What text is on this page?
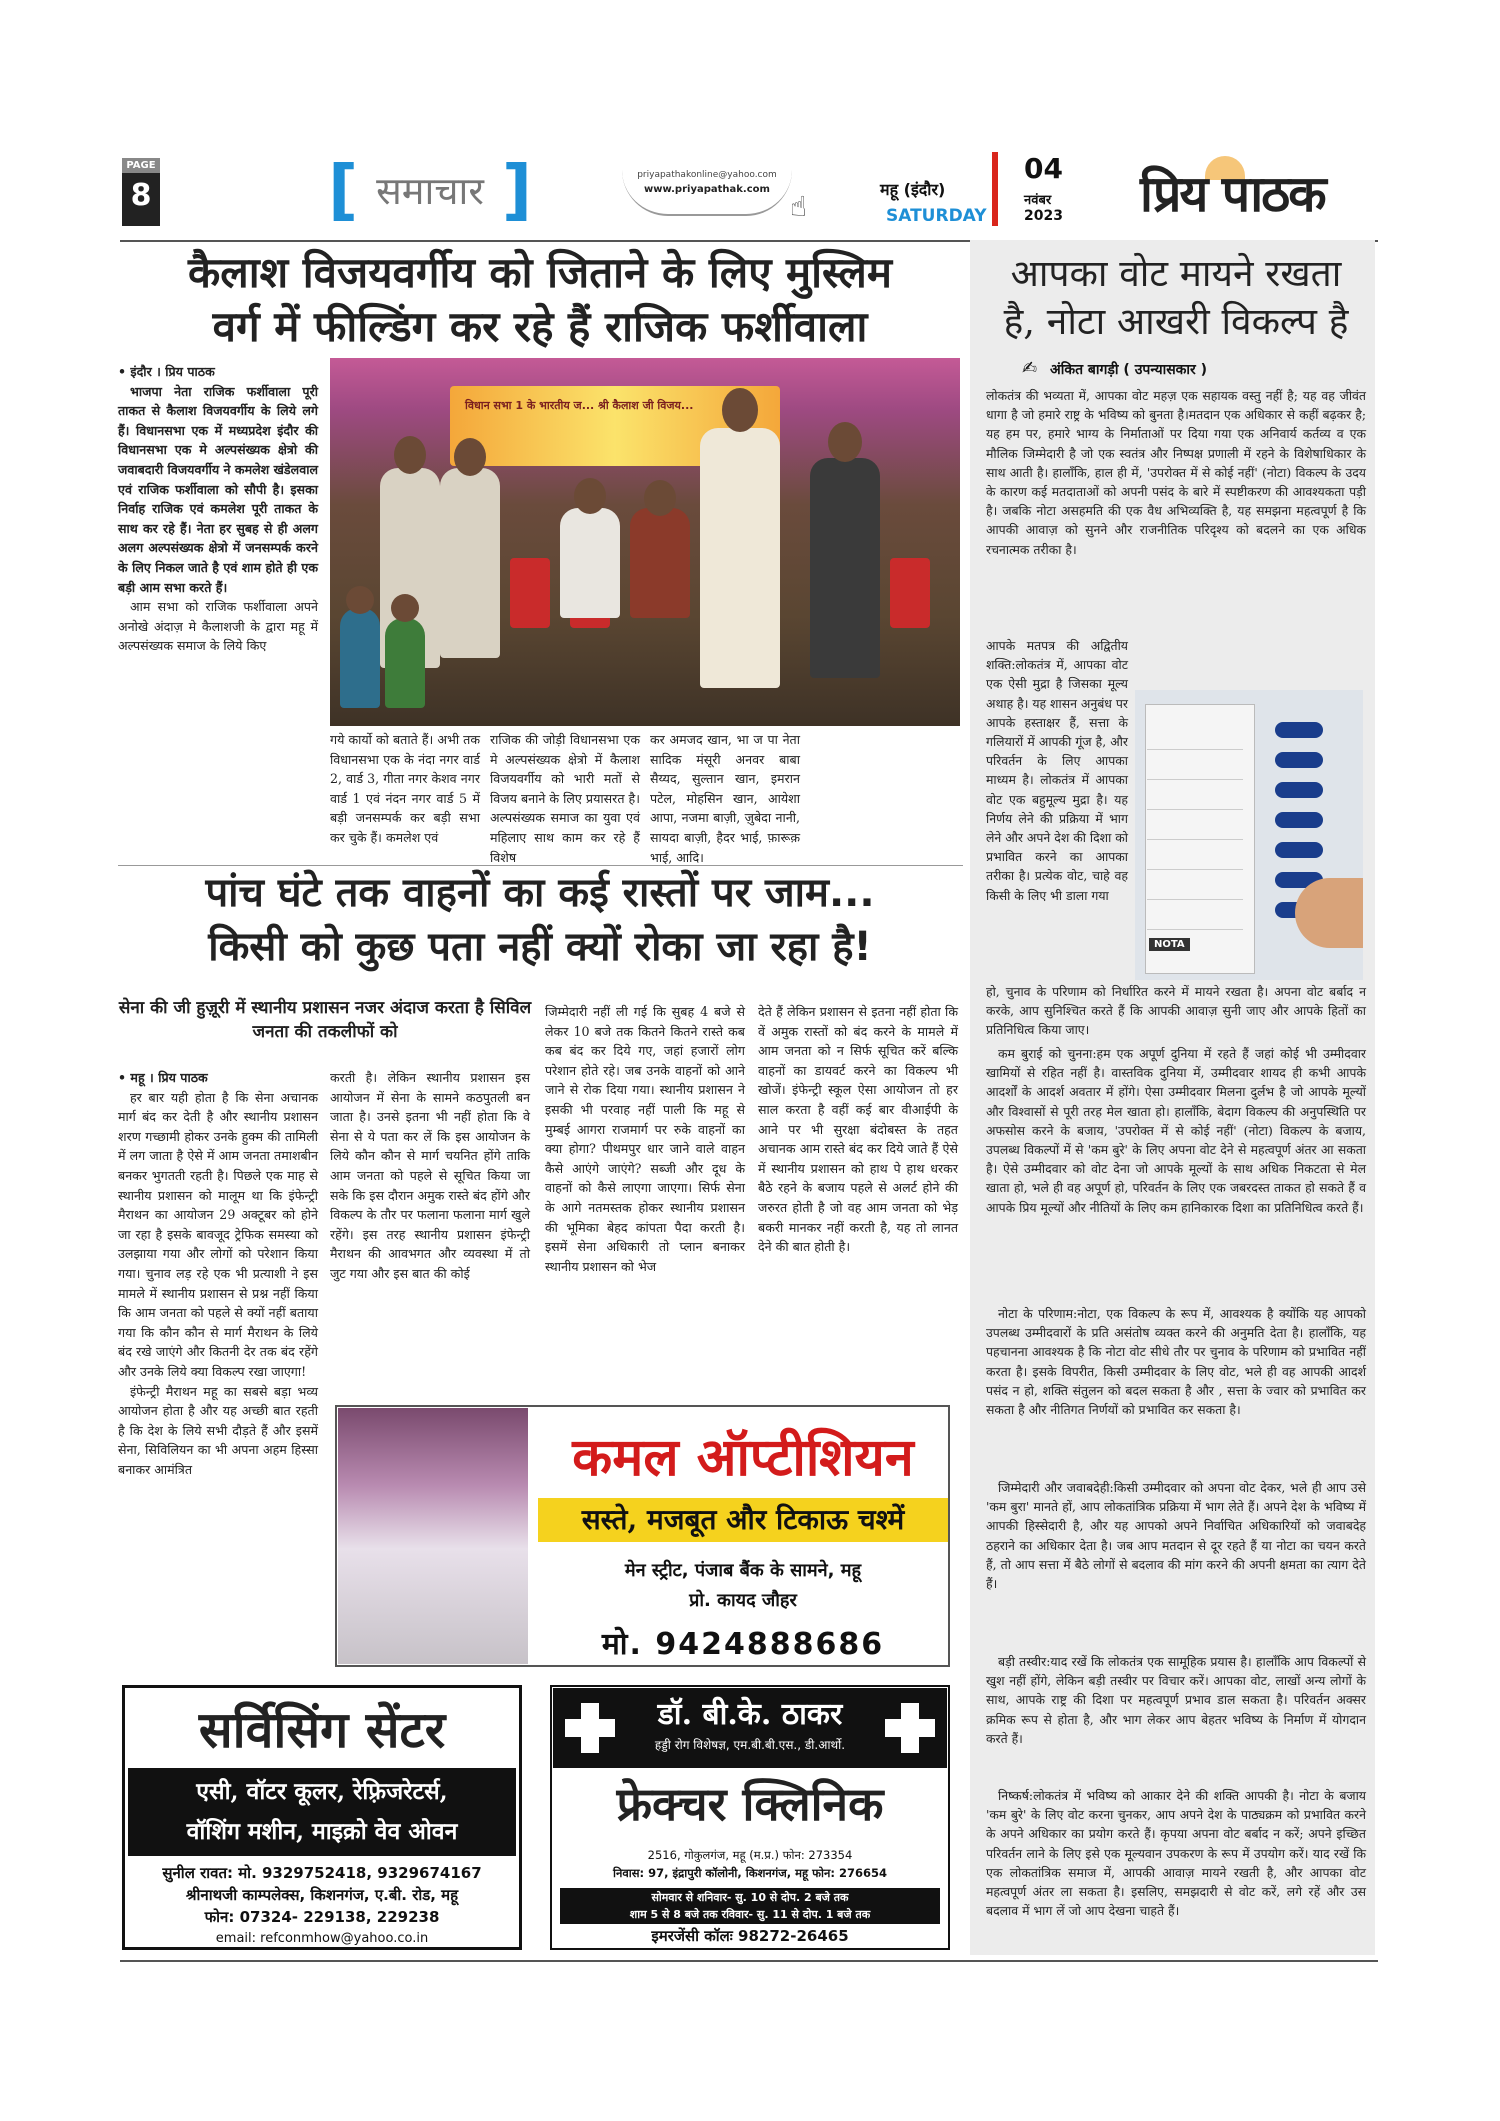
PAGE
8	[ समाचार ]	priyapathakonline@yahoo.com
www.priyapathak.com
☝
महू (इंदौर)
SATURDAY
04
नवंबर
2023 प्रिय पाठक
कैलाश विजयवर्गीय को जिताने के लिए मुस्लिम
वर्ग में फील्डिंग कर रहे हैं राजिक फर्शीवाला
• इंदौर । प्रिय पाठक
भाजपा नेता राजिक फर्शीवाला पूरी ताकत से कैलाश विजयवर्गीय के लिये लगे हैं। विधानसभा एक में मध्यप्रदेश इंदौर की विधानसभा एक मे अल्पसंख्यक क्षेत्रो की जवाबदारी विजयवर्गीय ने कमलेश खंडेलवाल एवं राजिक फर्शीवाला को सौपी है। इसका निर्वाह राजिक एवं कमलेश पूरी ताकत के साथ कर रहे हैं। नेता हर सुबह से ही अलग अलग अल्पसंख्यक क्षेत्रो में जनसम्पर्क करने के लिए निकल जाते है एवं शाम होते ही एक बड़ी आम सभा करते हैं।
आम सभा को राजिक फर्शीवाला अपने अनोखे अंदाज़ मे कैलाशजी के द्वारा महू में अल्पसंख्यक समाज के लिये किए
विधान सभा 1 के भारतीय ज... श्री कैलाश जी विजय...
गये कार्यो को बताते हैं। अभी तक विधानसभा एक के नंदा नगर वार्ड 2, वार्ड 3, गीता नगर केशव नगर वार्ड 1 एवं नंदन नगर वार्ड 5 में बड़ी जनसम्पर्क कर बड़ी सभा कर चुके हैं। कमलेश एवं
राजिक की जोड़ी विधानसभा एक मे अल्पसंख्यक क्षेत्रो में कैलाश विजयवर्गीय को भारी मतों से विजय बनाने के लिए प्रयासरत है। अल्पसंख्यक समाज का युवा एवं महिलाए साथ काम कर रहे हैं विशेष
कर अमजद खान, भा ज पा नेता सादिक मंसूरी अनवर बाबा सैय्यद, सुल्तान खान, इमरान पटेल, मोहसिन खान, आयेशा आपा, नजमा बाज़ी, ज़ुबेदा नानी, सायदा बाज़ी, हैदर भाई, फ़ारूक़ भाई, आदि।
पांच घंटे तक वाहनों का कई रास्तों पर जाम...
किसी को कुछ पता नहीं क्यों रोका जा रहा है!
सेना की जी हुज़ूरी में स्थानीय प्रशासन नजर अंदाज करता है सिविल जनता की तकलीफों को
• महू । प्रिय पाठक
हर बार यही होता है कि सेना अचानक मार्ग बंद कर देती है और स्थानीय प्रशासन शरण गच्छामी होकर उनके हुक्म की तामिली में लग जाता है ऐसे में आम जनता तमाशबीन बनकर भुगतती रहती है। पिछले एक माह से स्थानीय प्रशासन को मालूम था कि इंफेन्ट्री मैराथन का आयोजन 29 अक्टूबर को होने जा रहा है इसके बावजूद ट्रेफिक समस्या को उलझाया गया और लोगों को परेशान किया गया। चुनाव लड़ रहे एक भी प्रत्याशी ने इस मामले में स्थानीय प्रशासन से प्रश्न नहीं किया कि आम जनता को पहले से क्यों नहीं बताया गया कि कौन कौन से मार्ग मैराथन के लिये बंद रखे जाएंगे और कितनी देर तक बंद रहेंगे और उनके लिये क्या विकल्प रखा जाएगा!
इंफेन्ट्री मैराथन महू का सबसे बड़ा भव्य आयोजन होता है और यह अच्छी बात रहती है कि देश के लिये सभी दौड़ते हैं और इसमें सेना, सिविलियन का भी अपना अहम हिस्सा बनाकर आमंत्रित
करती है। लेकिन स्थानीय प्रशासन इस आयोजन में सेना के सामने कठपुतली बन जाता है। उनसे इतना भी नहीं होता कि वे सेना से ये पता कर लें कि इस आयोजन के लिये कौन कौन से मार्ग चयनित होंगे ताकि आम जनता को पहले से सूचित किया जा सके कि इस दौरान अमुक रास्ते बंद होंगे और विकल्प के तौर पर फलाना फलाना मार्ग खुले रहेंगे। इस तरह स्थानीय प्रशासन इंफेन्ट्री मैराथन की आवभगत और व्यवस्था में तो जुट गया और इस बात की कोई
जिम्मेदारी नहीं ली गई कि सुबह 4 बजे से लेकर 10 बजे तक कितने कितने रास्ते कब कब बंद कर दिये गए, जहां हजारों लोग परेशान होते रहे। जब उनके वाहनों को आने जाने से रोक दिया गया। स्थानीय प्रशासन ने इसकी भी परवाह नहीं पाली कि महू से मुम्बई आगरा राजमार्ग पर रुके वाहनों का क्या होगा? पीथमपुर धार जाने वाले वाहन कैसे आएंगे जाएंगे? सब्जी और दूध के वाहनों को कैसे लाएगा जाएगा। सिर्फ सेना के आगे नतमस्तक होकर स्थानीय प्रशासन की भूमिका बेहद कांपता पैदा करती है। इसमें सेना अधिकारी तो प्लान बनाकर स्थानीय प्रशासन को भेज
देते हैं लेकिन प्रशासन से इतना नहीं होता कि वें अमुक रास्तों को बंद करने के मामले में आम जनता को न सिर्फ सूचित करें बल्कि वाहनों का डायवर्ट करने का विकल्प भी खोजें। इंफेन्ट्री स्कूल ऐसा आयोजन तो हर साल करता है वहीं कई बार वीआईपी के आने पर भी सुरक्षा बंदोबस्त के तहत अचानक आम रास्ते बंद कर दिये जाते हैं ऐसे में स्थानीय प्रशासन को हाथ पे हाथ धरकर बैठे रहने के बजाय पहले से अलर्ट होने की जरुरत होती है जो वह आम जनता को भेड़ बकरी मानकर नहीं करती है, यह तो लानत देने की बात होती है।
आपका वोट मायने रखता
है, नोटा आखरी विकल्प है
✍ अंकित बागड़ी ( उपन्यासकार )
लोकतंत्र की भव्यता में, आपका वोट महज़ एक सहायक वस्तु नहीं है; यह वह जीवंत धागा है जो हमारे राष्ट्र के भविष्य को बुनता है।मतदान एक अधिकार से कहीं बढ़कर है; यह हम पर, हमारे भाग्य के निर्माताओं पर दिया गया एक अनिवार्य कर्तव्य व एक मौलिक जिम्मेदारी है जो एक स्वतंत्र और निष्पक्ष प्रणाली में रहने के विशेषाधिकार के साथ आती है। हालाँकि, हाल ही में, 'उपरोक्त में से कोई नहीं' (नोटा) विकल्प के उदय के कारण कई मतदाताओं को अपनी पसंद के बारे में स्पष्टीकरण की आवश्यकता पड़ी है। जबकि नोटा असहमति की एक वैध अभिव्यक्ति है, यह समझना महत्वपूर्ण है कि आपकी आवाज़ को सुनने और राजनीतिक परिदृश्य को बदलने का एक अधिक रचनात्मक तरीका है।
आपके मतपत्र की अद्वितीय शक्ति:लोकतंत्र में, आपका वोट एक ऐसी मुद्रा है जिसका मूल्य अथाह है। यह शासन अनुबंध पर आपके हस्ताक्षर हैं, सत्ता के गलियारों में आपकी गूंज है, और परिवर्तन के लिए आपका माध्यम है। लोकतंत्र में आपका वोट एक बहुमूल्य मुद्रा है। यह निर्णय लेने की प्रक्रिया में भाग लेने और अपने देश की दिशा को प्रभावित करने का आपका तरीका है। प्रत्येक वोट, चाहे वह किसी के लिए भी डाला गया
NOTA
हो, चुनाव के परिणाम को निर्धारित करने में मायने रखता है। अपना वोट बर्बाद न करके, आप सुनिश्चित करते हैं कि आपकी आवाज़ सुनी जाए और आपके हितों का प्रतिनिधित्व किया जाए।
कम बुराई को चुनना:हम एक अपूर्ण दुनिया में रहते हैं जहां कोई भी उम्मीदवार खामियों से रहित नहीं है। वास्तविक दुनिया में, उम्मीदवार शायद ही कभी आपके आदर्शों के आदर्श अवतार में होंगे। ऐसा उम्मीदवार मिलना दुर्लभ है जो आपके मूल्यों और विश्वासों से पूरी तरह मेल खाता हो। हालाँकि, बेदाग विकल्प की अनुपस्थिति पर अफसोस करने के बजाय, 'उपरोक्त में से कोई नहीं' (नोटा) विकल्प के बजाय, उपलब्ध विकल्पों में से 'कम बुरे' के लिए अपना वोट देने से महत्वपूर्ण अंतर आ सकता है। ऐसे उम्मीदवार को वोट देना जो आपके मूल्यों के साथ अधिक निकटता से मेल खाता हो, भले ही वह अपूर्ण हो, परिवर्तन के लिए एक जबरदस्त ताकत हो सकते हैं व आपके प्रिय मूल्यों और नीतियों के लिए कम हानिकारक दिशा का प्रतिनिधित्व करते हैं।
नोटा के परिणाम:नोटा, एक विकल्प के रूप में, आवश्यक है क्योंकि यह आपको उपलब्ध उम्मीदवारों के प्रति असंतोष व्यक्त करने की अनुमति देता है। हालाँकि, यह पहचानना आवश्यक है कि नोटा वोट सीधे तौर पर चुनाव के परिणाम को प्रभावित नहीं करता है। इसके विपरीत, किसी उम्मीदवार के लिए वोट, भले ही वह आपकी आदर्श पसंद न हो, शक्ति संतुलन को बदल सकता है और , सत्ता के ज्वार को प्रभावित कर सकता है और नीतिगत निर्णयों को प्रभावित कर सकता है।
जिम्मेदारी और जवाबदेही:किसी उम्मीदवार को अपना वोट देकर, भले ही आप उसे 'कम बुरा' मानते हों, आप लोकतांत्रिक प्रक्रिया में भाग लेते हैं। अपने देश के भविष्य में आपकी हिस्सेदारी है, और यह आपको अपने निर्वाचित अधिकारियों को जवाबदेह ठहराने का अधिकार देता है। जब आप मतदान से दूर रहते हैं या नोटा का चयन करते हैं, तो आप सत्ता में बैठे लोगों से बदलाव की मांग करने की अपनी क्षमता का त्याग देते हैं।
बड़ी तस्वीर:याद रखें कि लोकतंत्र एक सामूहिक प्रयास है। हालाँकि आप विकल्पों से खुश नहीं होंगे, लेकिन बड़ी तस्वीर पर विचार करें। आपका वोट, लाखों अन्य लोगों के साथ, आपके राष्ट्र की दिशा पर महत्वपूर्ण प्रभाव डाल सकता है। परिवर्तन अक्सर क्रमिक रूप से होता है, और भाग लेकर आप बेहतर भविष्य के निर्माण में योगदान करते हैं।
निष्कर्ष:लोकतंत्र में भविष्य को आकार देने की शक्ति आपकी है। नोटा के बजाय 'कम बुरे' के लिए वोट करना चुनकर, आप अपने देश के पाठ्यक्रम को प्रभावित करने के अपने अधिकार का प्रयोग करते हैं। कृपया अपना वोट बर्बाद न करें; अपने इच्छित परिवर्तन लाने के लिए इसे एक मूल्यवान उपकरण के रूप में उपयोग करें। याद रखें कि एक लोकतांत्रिक समाज में, आपकी आवाज़ मायने रखती है, और आपका वोट महत्वपूर्ण अंतर ला सकता है। इसलिए, समझदारी से वोट करें, लगे रहें और उस बदलाव में भाग लें जो आप देखना चाहते हैं।
कमल ऑप्टीशियन
सस्ते, मजबूत और टिकाऊ चश्में
मेन स्ट्रीट, पंजाब बैंक के सामने, महू
प्रो. कायद जौहर
मो. 9424888686
सर्विसिंग सेंटर
एसी, वॉटर कूलर, रेफ़्रिजरेटर्स,
वॉशिंग मशीन, माइक्रो वेव ओवन
सुनील रावत: मो. 9329752418, 9329674167
श्रीनाथजी काम्पलेक्स, किशनगंज, ए.बी. रोड, महू
फोन: 07324- 229138, 229238
email: refconmhow@yahoo.co.in
डॉ. बी.के. ठाकर
हड्डी रोग विशेषज्ञ, एम.बी.बी.एस., डी.आर्थो.
फ्रेक्चर क्लिनिक
2516, गोकुलगंज, महू (म.प्र.) फोन: 273354
निवास: 97, इंद्रापुरी कॉलोनी, किशनगंज, महू फोन: 276654
सोमवार से शनिवार- सु. 10 से दोप. 2 बजे तक
शाम 5 से 8 बजे तक रविवार- सु. 11 से दोप. 1 बजे तक
इमरजेंसी कॉलः 98272-26465
